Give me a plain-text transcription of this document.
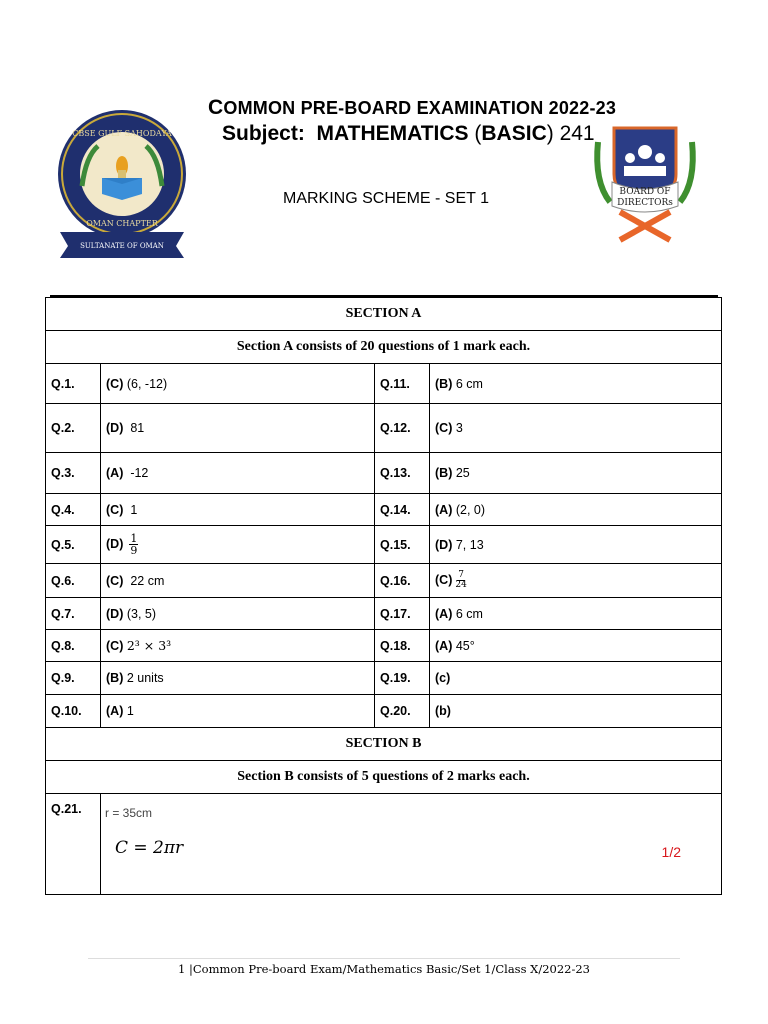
COMMON PRE-BOARD EXAMINATION 2022-23
Subject: MATHEMATICS (BASIC) 241
MARKING SCHEME - SET 1
CBSE GULF SAHODAYA
OMAN CHAPTER
SULTANATE OF OMAN
BOARD OF
DIRECTORs
SECTION A			
Section A consists of 20 questions of 1 mark each.			
Q.1.	(C) (6, -12)	Q.11.	(B) 6 cm
Q.2.	(D) 81	Q.12.	(C) 3
Q.3.	(A) -12	Q.13.	(B) 25
Q.4.	(C) 1	Q.14.	(A) (2, 0)
Q.5.	$(D) \frac{1}{9}$	Q.15.	(D) 7, 13
Q.6.	(C) 22 cm	Q.16.	$(C) \frac{7}{24}$

Q.7.	(D) (3, 5)	Q.17.	(A) 6 cm
Q.8.	(C) 2³ × 3³	Q.18.	(A) 45°
Q.9.	(B) 2 units	Q.19.	(c)
Q.10.	(A) 1	Q.20.	(b)
SECTION B			
Section B consists of 5 questions of 2 marks each.			
Q.21.	r = 35cm
C = 2πr 1/2		
1 |Common Pre-board Exam/Mathematics Basic/Set 1/Class X/2022-23
